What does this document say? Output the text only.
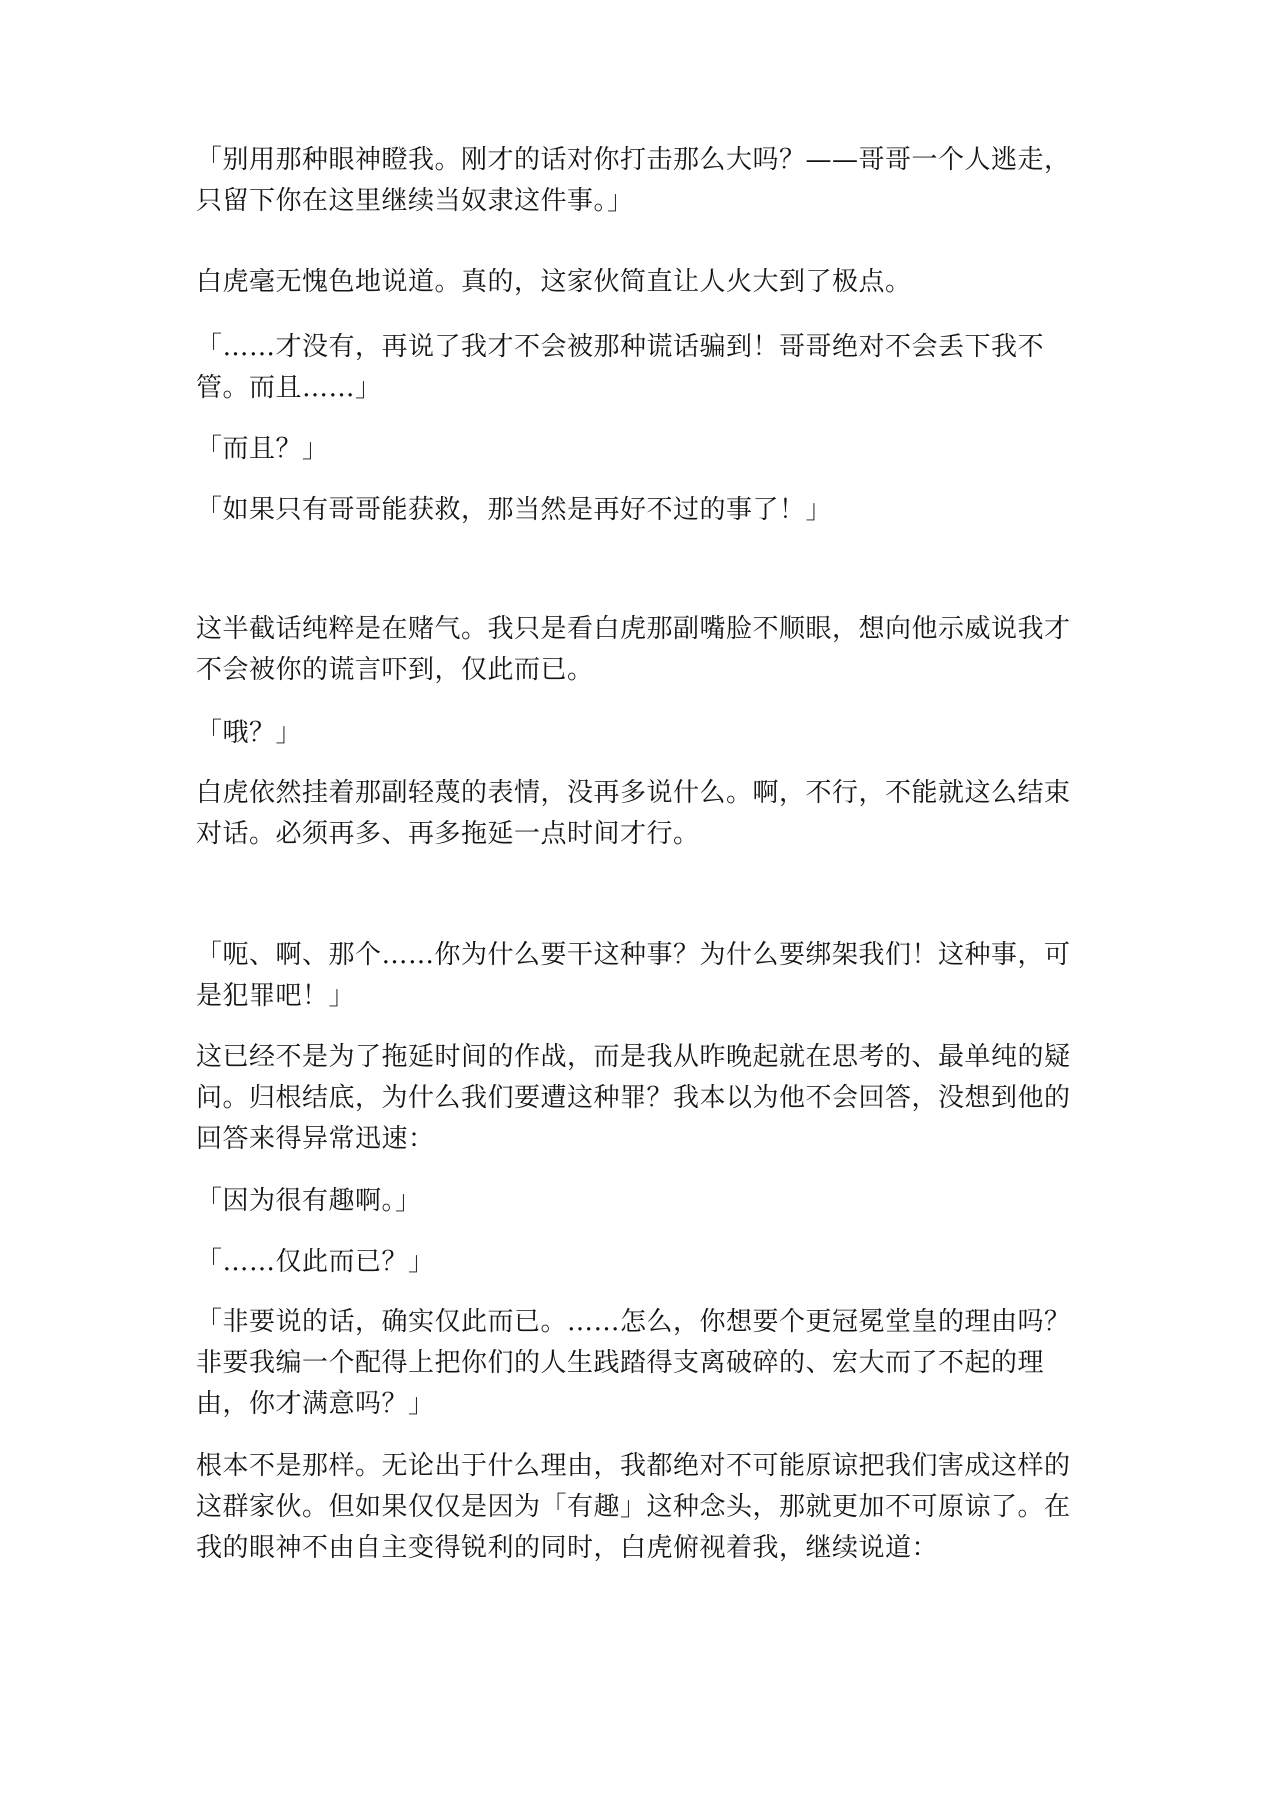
「别用那种眼神瞪我。刚才的话对你打击那么大吗？——哥哥一个人逃走，只留下你在这里继续当奴隶这件事。」

白虎毫无愧色地说道。真的，这家伙简直让人火大到了极点。

「……才没有，再说了我才不会被那种谎话骗到！哥哥绝对不会丢下我不管。而且……」

「而且？」

「如果只有哥哥能获救，那当然是再好不过的事了！」

这半截话纯粹是在赌气。我只是看白虎那副嘴脸不顺眼，想向他示威说我才不会被你的谎言吓到，仅此而已。

「哦？」

白虎依然挂着那副轻蔑的表情，没再多说什么。啊，不行，不能就这么结束对话。必须再多、再多拖延一点时间才行。

「呃、啊、那个……你为什么要干这种事？为什么要绑架我们！这种事，可是犯罪吧！」

这已经不是为了拖延时间的作战，而是我从昨晚起就在思考的、最单纯的疑问。归根结底，为什么我们要遭这种罪？我本以为他不会回答，没想到他的回答来得异常迅速：

「因为很有趣啊。」

「……仅此而已？」

「非要说的话，确实仅此而已。……怎么，你想要个更冠冕堂皇的理由吗？非要我编一个配得上把你们的人生践踏得支离破碎的、宏大而了不起的理由，你才满意吗？」

根本不是那样。无论出于什么理由，我都绝对不可能原谅把我们害成这样的这群家伙。但如果仅仅是因为「有趣」这种念头，那就更加不可原谅了。在我的眼神不由自主变得锐利的同时，白虎俯视着我，继续说道：
